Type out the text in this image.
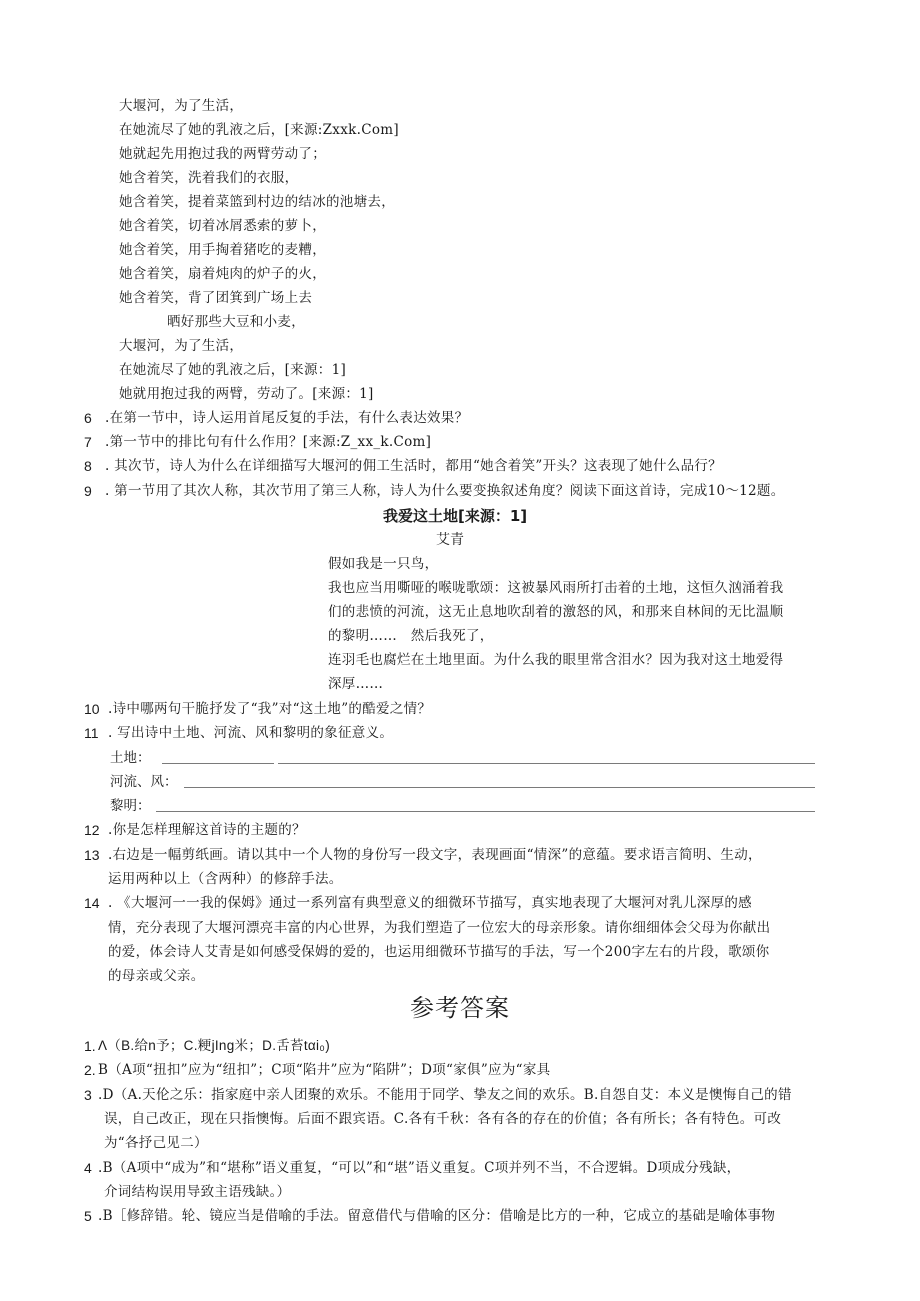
大堰河，为了生活，
在她流尽了她的乳液之后，[来源:Zxxk.Com]
她就起先用抱过我的两臂劳动了；
她含着笑，洗着我们的衣服，
她含着笑，提着菜篮到村边的结冰的池塘去，
她含着笑，切着冰屑悉索的萝卜，
她含着笑，用手掏着猪吃的麦糟，
她含着笑，扇着炖肉的炉子的火，
她含着笑，背了团箕到广场上去
晒好那些大豆和小麦，
大堰河，为了生活，
在她流尽了她的乳液之后，[来源：1]
她就用抱过我的两臂，劳动了。[来源：1]
6 .在第一节中，诗人运用首尾反复的手法，有什么表达效果？
7 .第一节中的排比句有什么作用？[来源:Z_xx_k.Com]
8 . 其次节，诗人为什么在详细描写大堰河的佣工生活时，都用“她含着笑”开头？这表现了她什么品行？
9 . 第一节用了其次人称，其次节用了第三人称，诗人为什么要变换叙述角度？阅读下面这首诗，完成10〜12题。
我爱这土地[来源：1]
艾青
假如我是一只鸟，
我也应当用嘶哑的喉咙歌颂：这被暴风雨所打击着的土地，这恒久汹涌着我
们的悲愤的河流，这无止息地吹刮着的激怒的风，和那来自林间的无比温顺
的黎明……　然后我死了，
连羽毛也腐烂在土地里面。为什么我的眼里常含泪水？因为我对这土地爱得
深厚……
10 .诗中哪两句干脆抒发了“我”对“这土地”的酷爱之情？
11 . 写出诗中土地、河流、风和黎明的象征意义。
土地：
河流、风：
黎明：
12 .你是怎样理解这首诗的主题的？
13 .右边是一幅剪纸画。请以其中一个人物的身份写一段文字，表现画面“情深”的意蕴。要求语言简明、生动，
运用两种以上（含两种）的修辞手法。
14 . 《大堰河一一我的保姆》通过一系列富有典型意义的细微环节描写，真实地表现了大堰河对乳儿深厚的感
情，充分表现了大堰河漂亮丰富的内心世界，为我们塑造了一位宏大的母亲形象。请你细细体会父母为你献出
的爱，体会诗人艾青是如何感受保姆的爱的，也运用细微环节描写的手法，写一个200字左右的片段，歌颂你
的母亲或父亲。
参考答案
1. Λ（B.给n予；C.粳jIng米；D.舌苔tαi₀)
2. B（A项“扭扣”应为“纽扣”；C项“陷井”应为“陷阱”；D项“家俱”应为“家具
3 .D（A.天伦之乐：指家庭中亲人团聚的欢乐。不能用于同学、挚友之间的欢乐。B.自怨自艾：本义是懊悔自己的错
误，自己改正，现在只指懊悔。后面不跟宾语。C.各有千秋：各有各的存在的价值；各有所长；各有特色。可改
为“各抒己见二）
4 .B（A项中“成为”和“堪称”语义重复，“可以”和“堪”语义重复。C项并列不当，不合逻辑。D项成分残缺，
介词结构误用导致主语残缺。）
5 .B［修辞错。轮、镜应当是借喻的手法。留意借代与借喻的区分：借喻是比方的一种，它成立的基础是喻体事物
